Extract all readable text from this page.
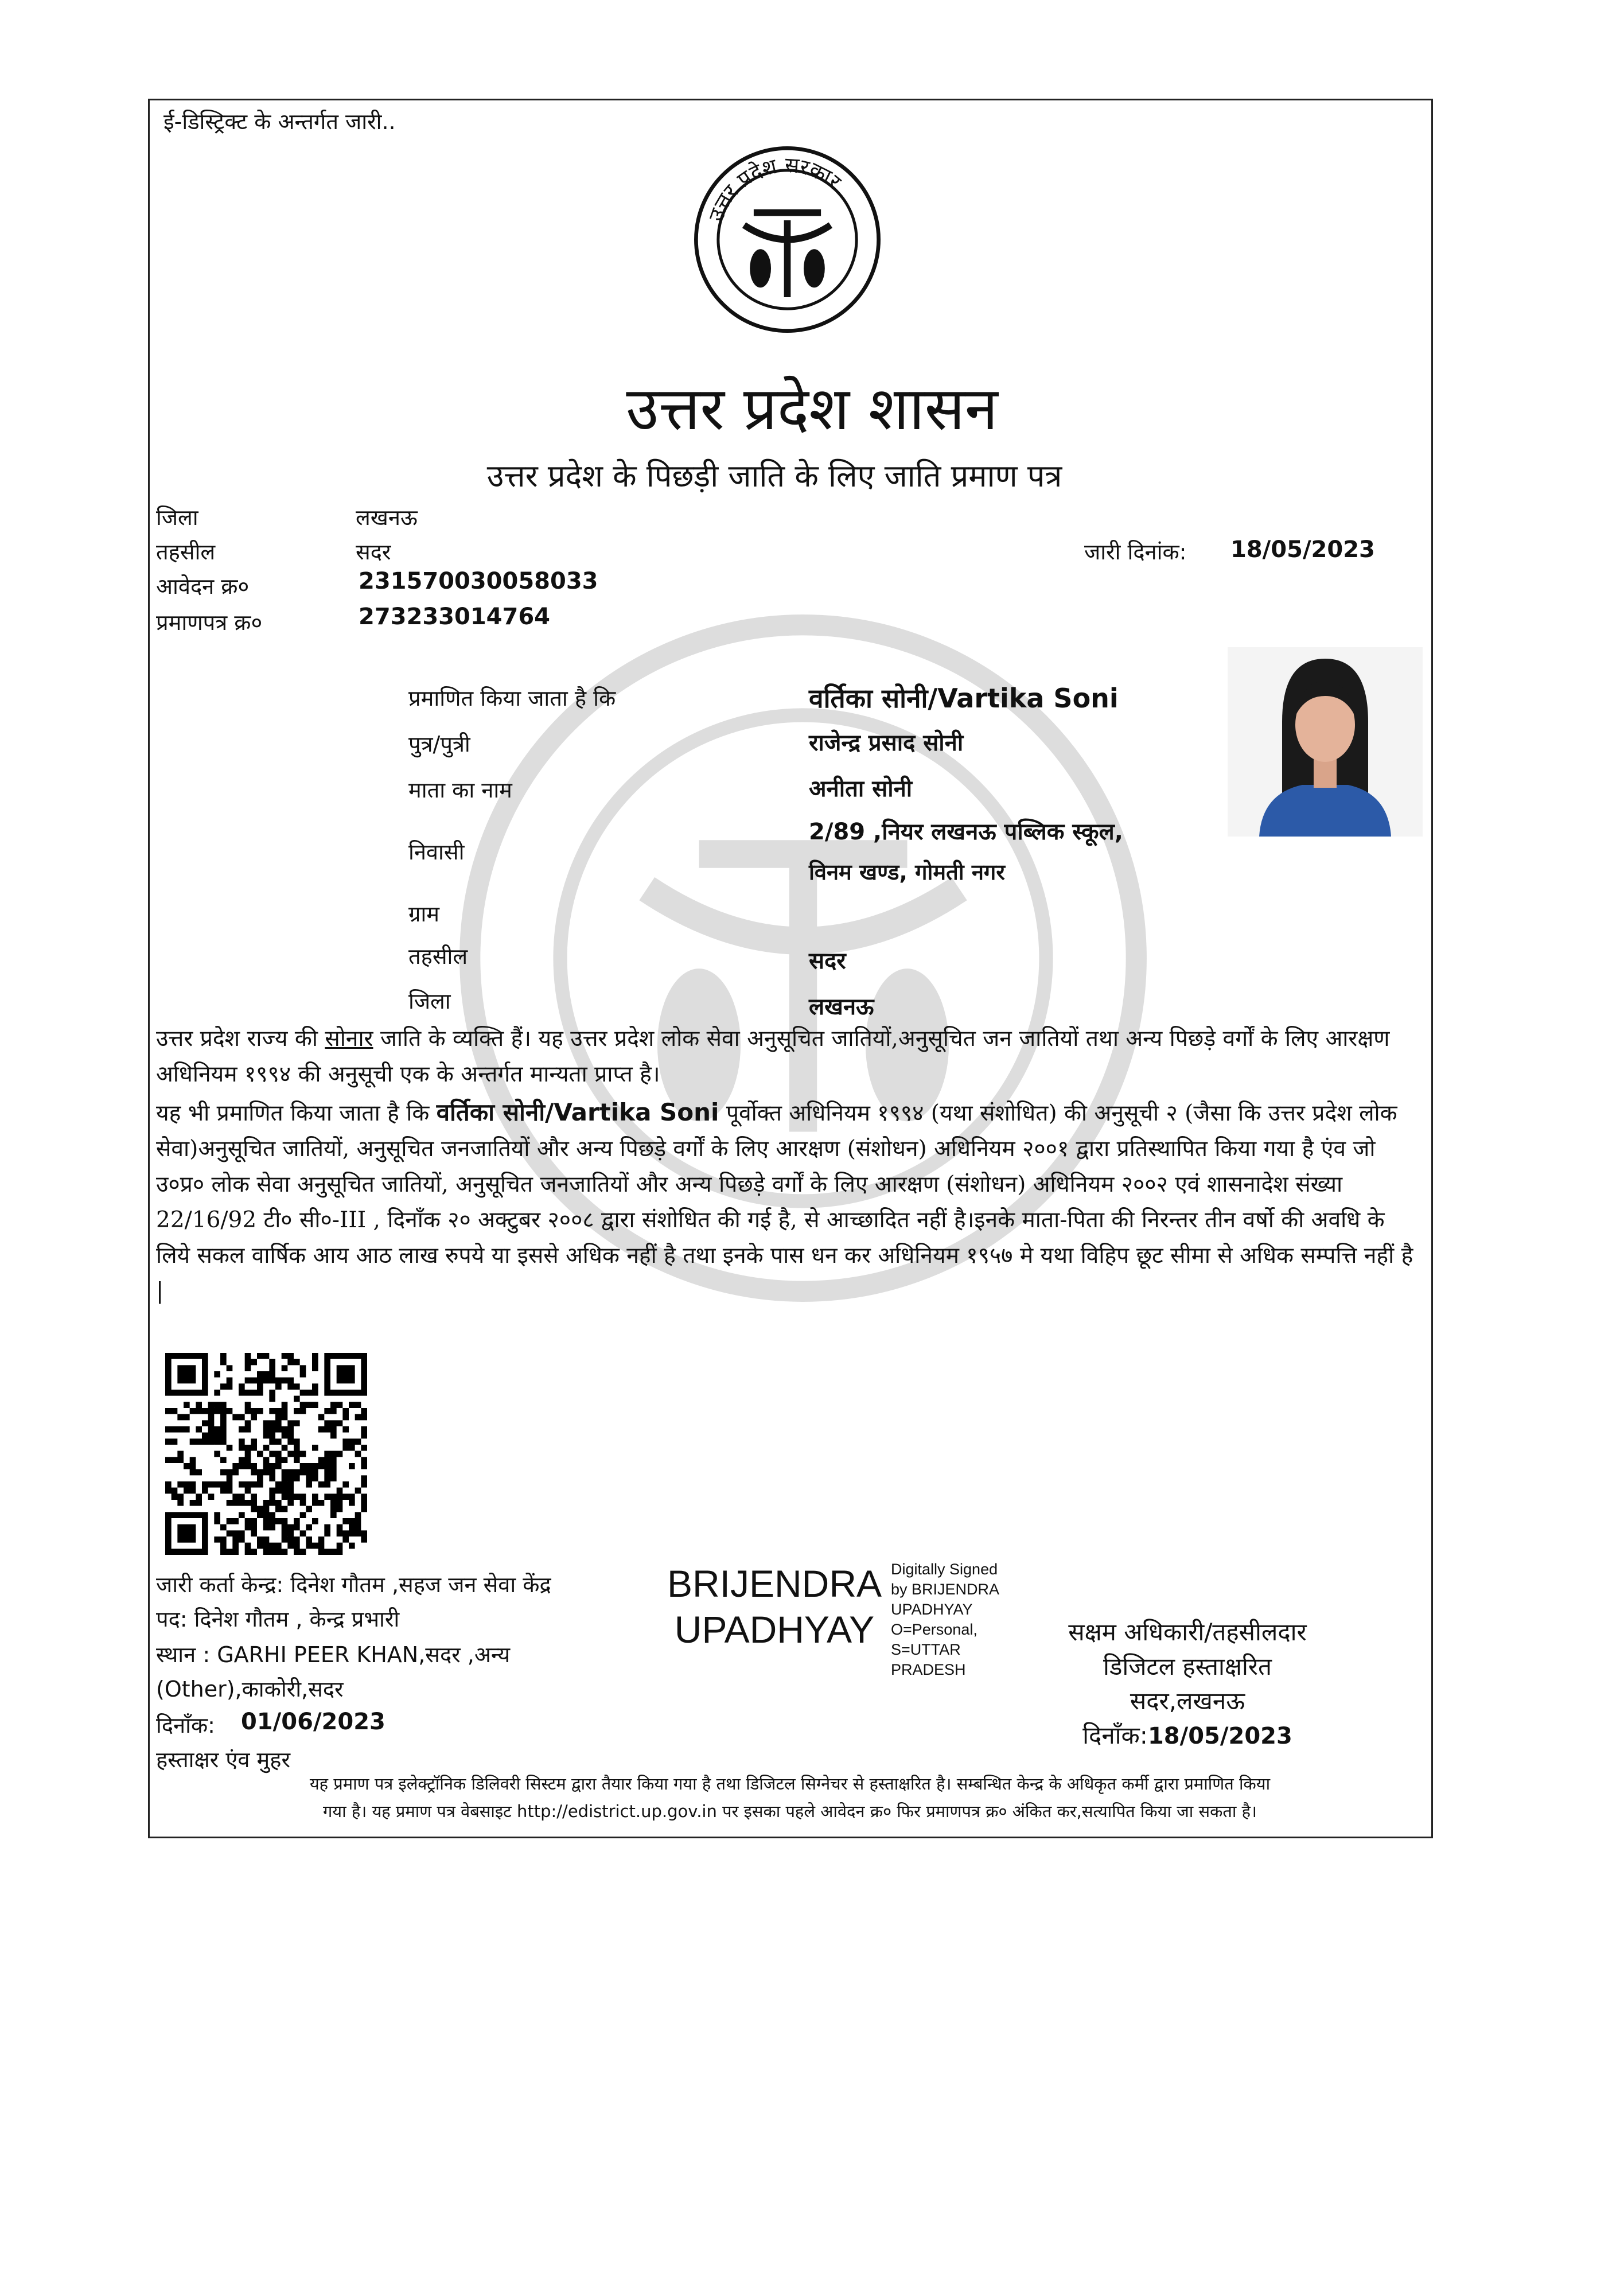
ई-डिस्ट्रिक्ट के अन्तर्गत जारी..
उत्तर प्रदेश सरकार
उत्तर प्रदेश शासन
उत्तर प्रदेश के पिछड़ी जाति के लिए जाति प्रमाण पत्र
जिला	लखनऊ
तहसील	सदर
आवेदन क्र०	231570030058033
प्रमाणपत्र क्र०	273233014764
जारी दिनांक: 18/05/2023
प्रमाणित किया जाता है कि	वर्तिका सोनी/Vartika Soni
पुत्र/पुत्री	राजेन्द्र प्रसाद सोनी
माता का नाम	अनीता सोनी
निवासी
2/89 ,नियर लखनऊ पब्लिक स्कूल,
विनम खण्ड, गोमती नगर
ग्राम
तहसील	सदर
जिला	लखनऊ

उत्तर प्रदेश राज्य की सोनार जाति के व्यक्ति हैं। यह उत्तर प्रदेश लोक सेवा अनुसूचित जातियों,अनुसूचित जन जातियों तथा अन्य पिछड़े वर्गों के लिए आरक्षण अधिनियम १९९४ की अनुसूची एक के अन्तर्गत मान्यता प्राप्त है।

यह भी प्रमाणित किया जाता है कि वर्तिका सोनी/Vartika Soni पूर्वोक्त अधिनियम १९९४ (यथा संशोधित) की अनुसूची २ (जैसा कि उत्तर प्रदेश लोक सेवा)अनुसूचित जातियों, अनुसूचित जनजातियों और अन्य पिछड़े वर्गों के लिए आरक्षण (संशोधन) अधिनियम २००१ द्वारा प्रतिस्थापित किया गया है एंव जो उ०प्र० लोक सेवा अनुसूचित जातियों, अनुसूचित जनजातियों और अन्य पिछड़े वर्गों के लिए आरक्षण (संशोधन) अधिनियम २००२ एवं शासनादेश संख्या 22/16/92 टी० सी०-III , दिनाँक २० अक्टुबर २००८ द्वारा संशोधित की गई है, से आच्छादित नहीं है।इनके माता-पिता की निरन्तर तीन वर्षो की अवधि के लिये सकल वार्षिक आय आठ लाख रुपये या इससे अधिक नहीं है तथा इनके पास धन कर अधिनियम १९५७ मे यथा विहिप छूट सीमा से अधिक सम्पत्ति नहीं है |

जारी कर्ता केन्द्र: दिनेश गौतम ,सहज जन सेवा केंद्र
पद: दिनेश गौतम , केन्द्र प्रभारी
स्थान : GARHI PEER KHAN,सदर ,अन्य
(Other),काकोरी,सदर
दिनाँक: 01/06/2023
हस्ताक्षर एंव मुहर
BRIJENDRA
UPADHYAY
Digitally Signed
by BRIJENDRA
UPADHYAY
O=Personal,
S=UTTAR
PRADESH
सक्षम अधिकारी/तहसीलदार
डिजिटल हस्ताक्षरित
सदर,लखनऊ
दिनाँक:18/05/2023
यह प्रमाण पत्र इलेक्ट्रॉनिक डिलिवरी सिस्टम द्वारा तैयार किया गया है तथा डिजिटल सिग्नेचर से हस्ताक्षरित है। सम्बन्धित केन्द्र के अधिकृत कर्मी द्वारा प्रमाणित किया
गया है। यह प्रमाण पत्र वेबसाइट http://edistrict.up.gov.in पर इसका पहले आवेदन क्र० फिर प्रमाणपत्र क्र० अंकित कर,सत्यापित किया जा सकता है।
